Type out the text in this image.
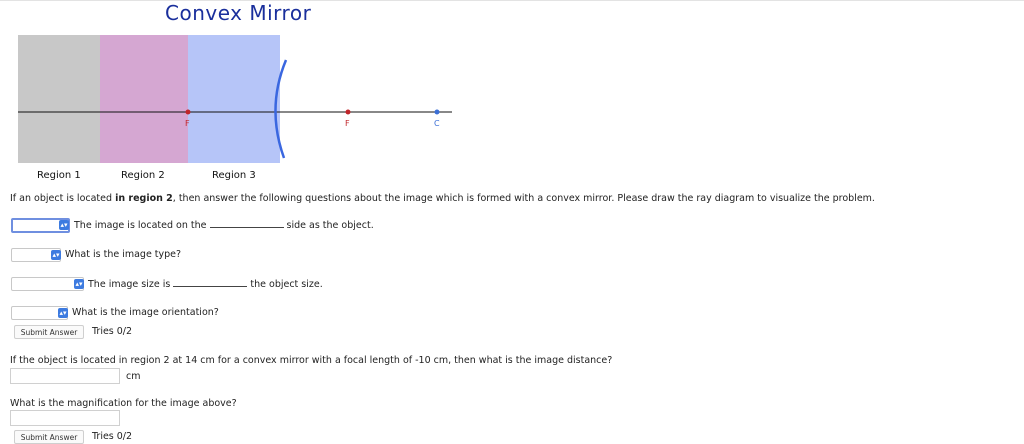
Convex Mirror
F	F	C
Region 1	Region 2	Region 3
If an object is located in region 2, then answer the following questions about the image which is formed with a convex mirror. Please draw the ray diagram to visualize the problem.
▴▾ The image is located on the	side as the object.
▴▾ What is the image type?
▴▾ The image size is	the object size.
▴▾ What is the image orientation?
Submit Answer	Tries 0/2
If the object is located in region 2 at 14 cm for a convex mirror with a focal length of -10 cm, then what is the image distance?
cm
What is the magnification for the image above?
Submit Answer	Tries 0/2
